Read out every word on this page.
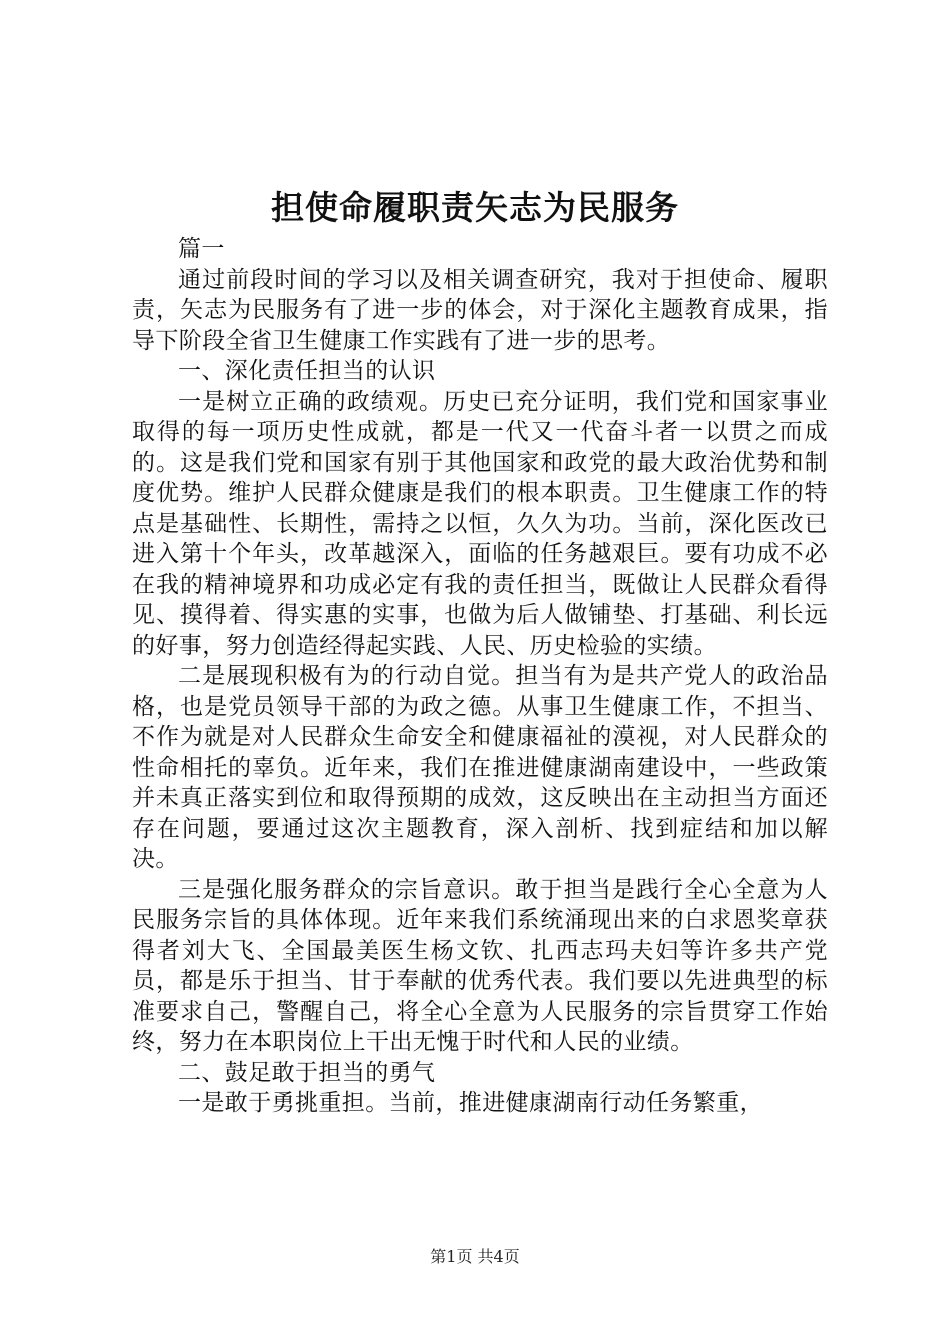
担使命履职责矢志为民服务

篇一

通过前段时间的学习以及相关调查研究，我对于担使命、履职责，矢志为民服务有了进一步的体会，对于深化主题教育成果，指导下阶段全省卫生健康工作实践有了进一步的思考。

一、深化责任担当的认识

一是树立正确的政绩观。历史已充分证明，我们党和国家事业取得的每一项历史性成就，都是一代又一代奋斗者一以贯之而成的。这是我们党和国家有别于其他国家和政党的最大政治优势和制度优势。维护人民群众健康是我们的根本职责。卫生健康工作的特点是基础性、长期性，需持之以恒，久久为功。当前，深化医改已进入第十个年头，改革越深入，面临的任务越艰巨。要有功成不必在我的精神境界和功成必定有我的责任担当，既做让人民群众看得见、摸得着、得实惠的实事，也做为后人做铺垫、打基础、利长远的好事，努力创造经得起实践、人民、历史检验的实绩。

二是展现积极有为的行动自觉。担当有为是共产党人的政治品格，也是党员领导干部的为政之德。从事卫生健康工作，不担当、不作为就是对人民群众生命安全和健康福祉的漠视，对人民群众的性命相托的辜负。近年来，我们在推进健康湖南建设中，一些政策并未真正落实到位和取得预期的成效，这反映出在主动担当方面还存在问题，要通过这次主题教育，深入剖析、找到症结和加以解决。

三是强化服务群众的宗旨意识。敢于担当是践行全心全意为人民服务宗旨的具体体现。近年来我们系统涌现出来的白求恩奖章获得者刘大飞、全国最美医生杨文钦、扎西志玛夫妇等许多共产党员，都是乐于担当、甘于奉献的优秀代表。我们要以先进典型的标准要求自己，警醒自己，将全心全意为人民服务的宗旨贯穿工作始终，努力在本职岗位上干出无愧于时代和人民的业绩。

二、鼓足敢于担当的勇气

一是敢于勇挑重担。当前，推进健康湖南行动任务繁重，

第1页 共4页
